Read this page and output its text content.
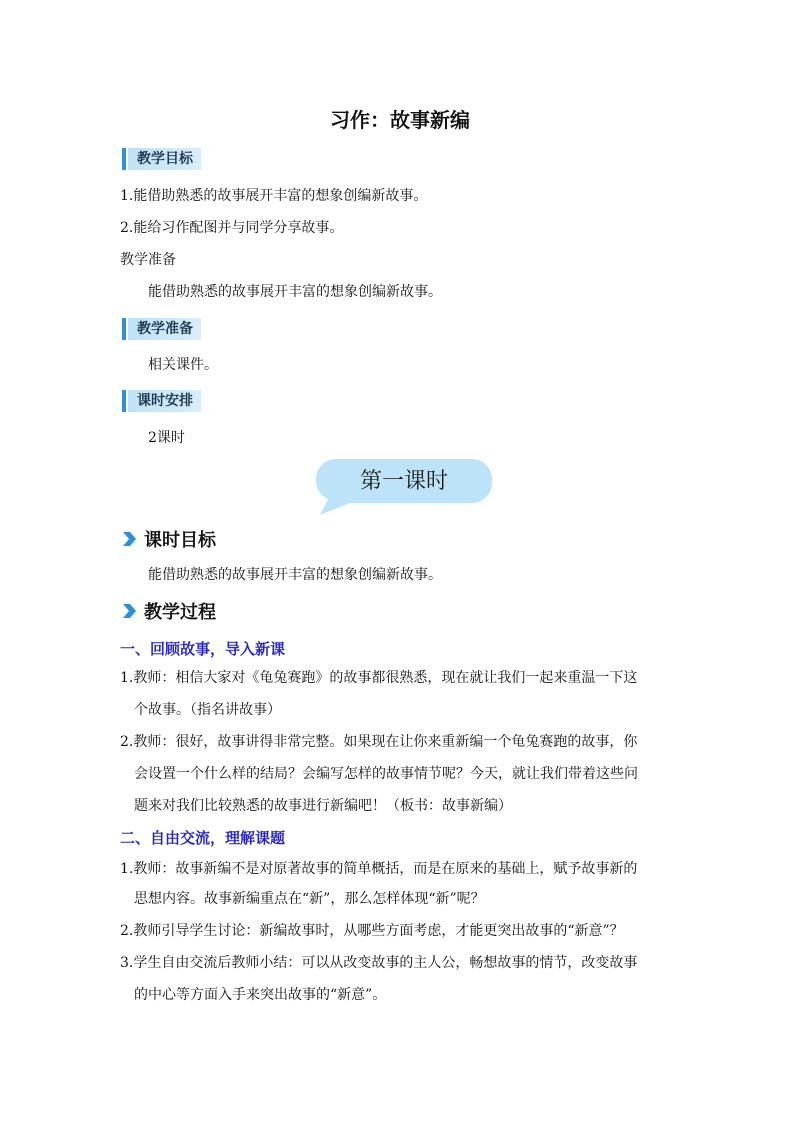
习作：故事新编
教学目标
1.能借助熟悉的故事展开丰富的想象创编新故事。
2.能给习作配图并与同学分享故事。
教学准备
能借助熟悉的故事展开丰富的想象创编新故事。
教学准备
相关课件。
课时安排
2课时
第一课时
课时目标
能借助熟悉的故事展开丰富的想象创编新故事。
教学过程
一、回顾故事，导入新课
1.教师：相信大家对《龟兔赛跑》的故事都很熟悉，现在就让我们一起来重温一下这
个故事。（指名讲故事）
2.教师：很好，故事讲得非常完整。如果现在让你来重新编一个龟兔赛跑的故事，你
会设置一个什么样的结局？会编写怎样的故事情节呢？今天，就让我们带着这些问
题来对我们比较熟悉的故事进行新编吧！（板书：故事新编）
二、自由交流，理解课题
1.教师：故事新编不是对原著故事的简单概括，而是在原来的基础上，赋予故事新的
思想内容。故事新编重点在“新”，那么怎样体现“新”呢？
2.教师引导学生讨论：新编故事时，从哪些方面考虑，才能更突出故事的“新意”？
3.学生自由交流后教师小结：可以从改变故事的主人公，畅想故事的情节，改变故事
的中心等方面入手来突出故事的“新意”。
